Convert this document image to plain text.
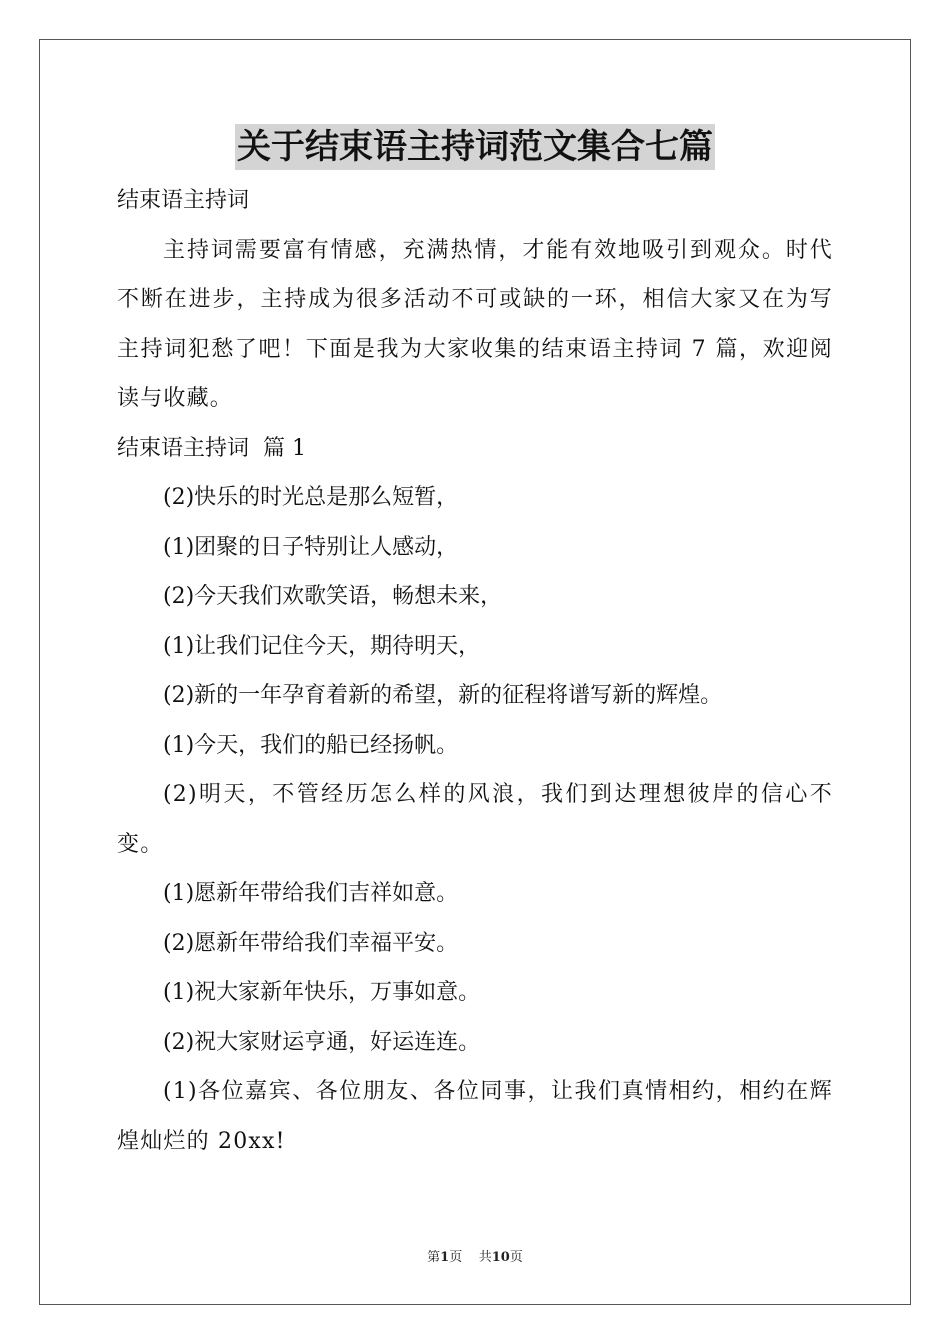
关于结束语主持词范文集合七篇

结束语主持词

主持词需要富有情感，充满热情，才能有效地吸引到观众。时代不断在进步，主持成为很多活动不可或缺的一环，相信大家又在为写主持词犯愁了吧！下面是我为大家收集的结束语主持词 7 篇，欢迎阅读与收藏。

结束语主持词  篇 1

(2)快乐的时光总是那么短暂，

(1)团聚的日子特别让人感动，

(2)今天我们欢歌笑语，畅想未来，

(1)让我们记住今天，期待明天，

(2)新的一年孕育着新的希望，新的征程将谱写新的辉煌。

(1)今天，我们的船已经扬帆。

(2)明天，不管经历怎么样的风浪，我们到达理想彼岸的信心不变。

(1)愿新年带给我们吉祥如意。

(2)愿新年带给我们幸福平安。

(1)祝大家新年快乐，万事如意。

(2)祝大家财运亨通，好运连连。

(1)各位嘉宾、各位朋友、各位同事，让我们真情相约，相约在辉煌灿烂的 20xx!

第1页 共10页
